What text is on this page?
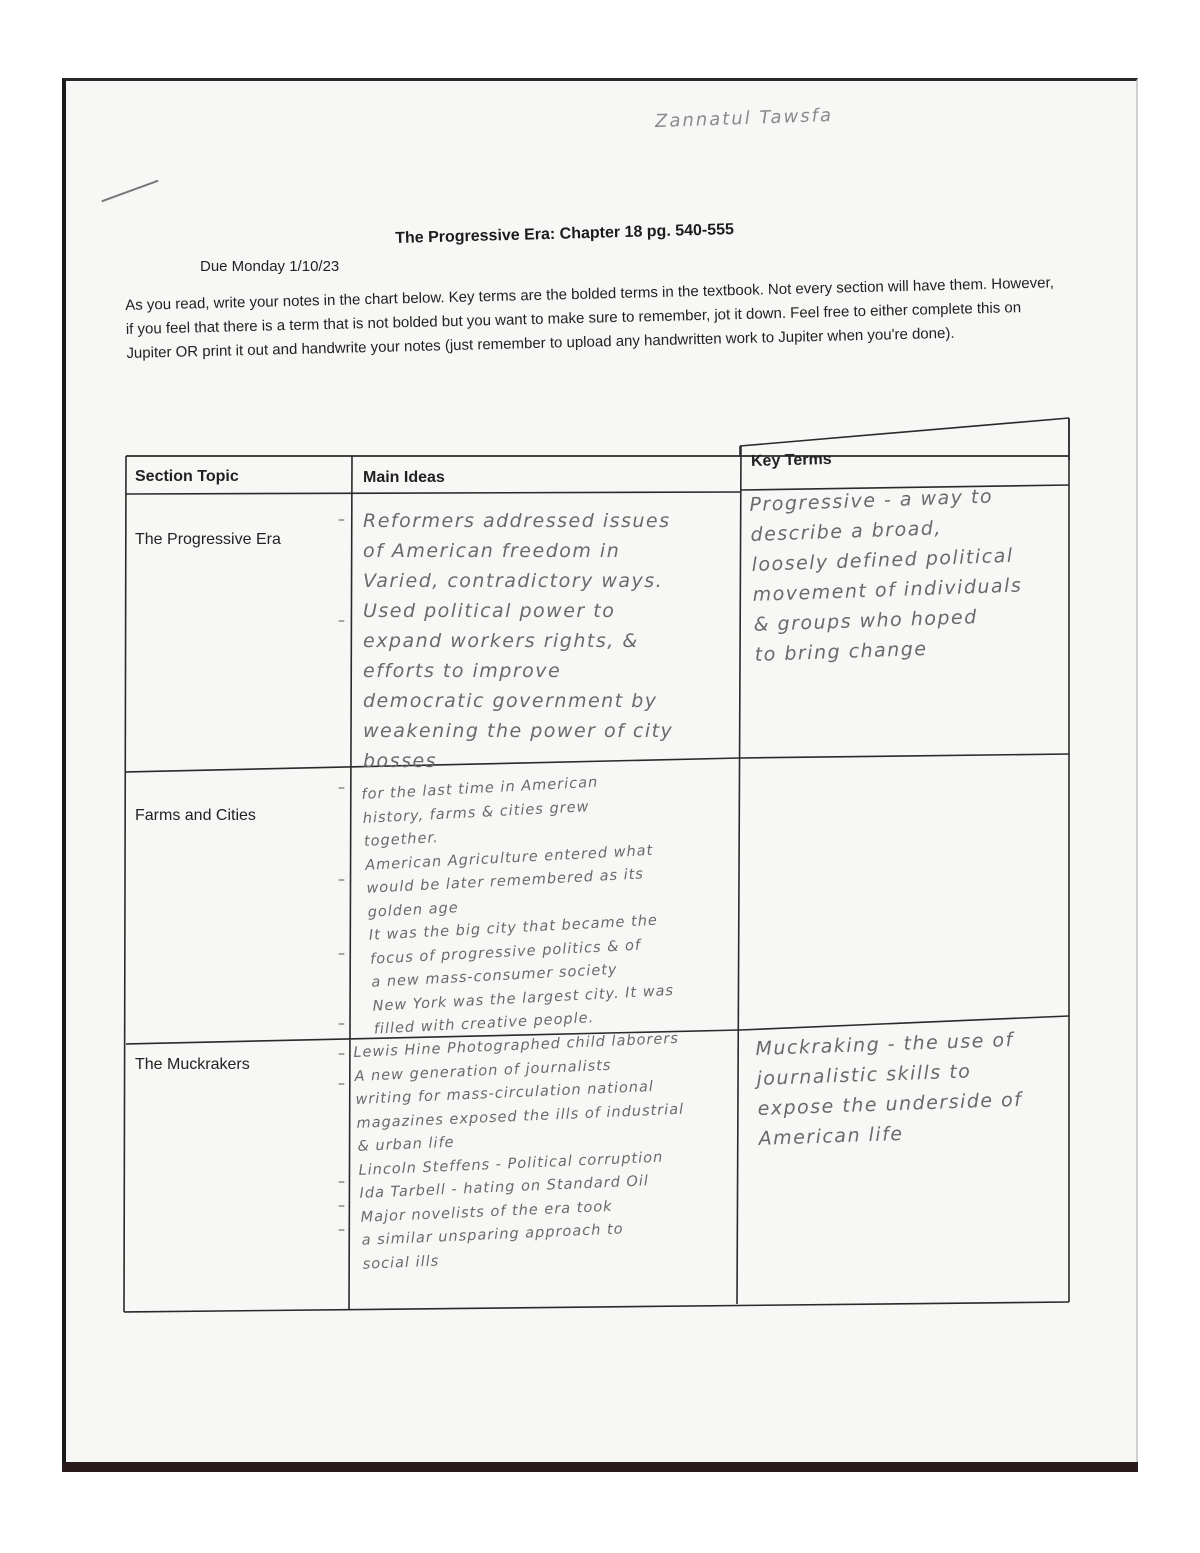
Zannatul Tawsfa
The Progressive Era: Chapter 18 pg. 540-555
Due Monday 1/10/23
As you read, write your notes in the chart below. Key terms are the bolded terms in the textbook. Not every section will have them. However, if you feel that there is a term that is not bolded but you want to make sure to remember, jot it down. Feel free to either complete this on Jupiter OR print it out and handwrite your notes (just remember to upload any handwritten work to Jupiter when you're done).
Section Topic	Main Ideas
Key Terms
The Progressive Era
Farms and Cities
The Muckrakers
–
–
Reformers addressed issues
of American freedom in
Varied, contradictory ways.
Used political power to
expand workers rights, &
efforts to improve
democratic government by
weakening the power of city
bosses
Progressive - a way to
describe a broad,
loosely defined political
movement of individuals
& groups who hoped
to bring change
–
–
–
–
for the last time in American
history, farms & cities grew
together.
American Agriculture entered what
would be later remembered as its
golden age
It was the big city that became the
focus of progressive politics & of
a new mass-consumer society
New York was the largest city. It was
filled with creative people.
–
–
–
–
–
Lewis Hine Photographed child laborers
A new generation of journalists
writing for mass-circulation national
magazines exposed the ills of industrial
& urban life
Lincoln Steffens - Political corruption
Ida Tarbell - hating on Standard Oil
Major novelists of the era took
a similar unsparing approach to
social ills
Muckraking - the use of
journalistic skills to
expose the underside of
American life
